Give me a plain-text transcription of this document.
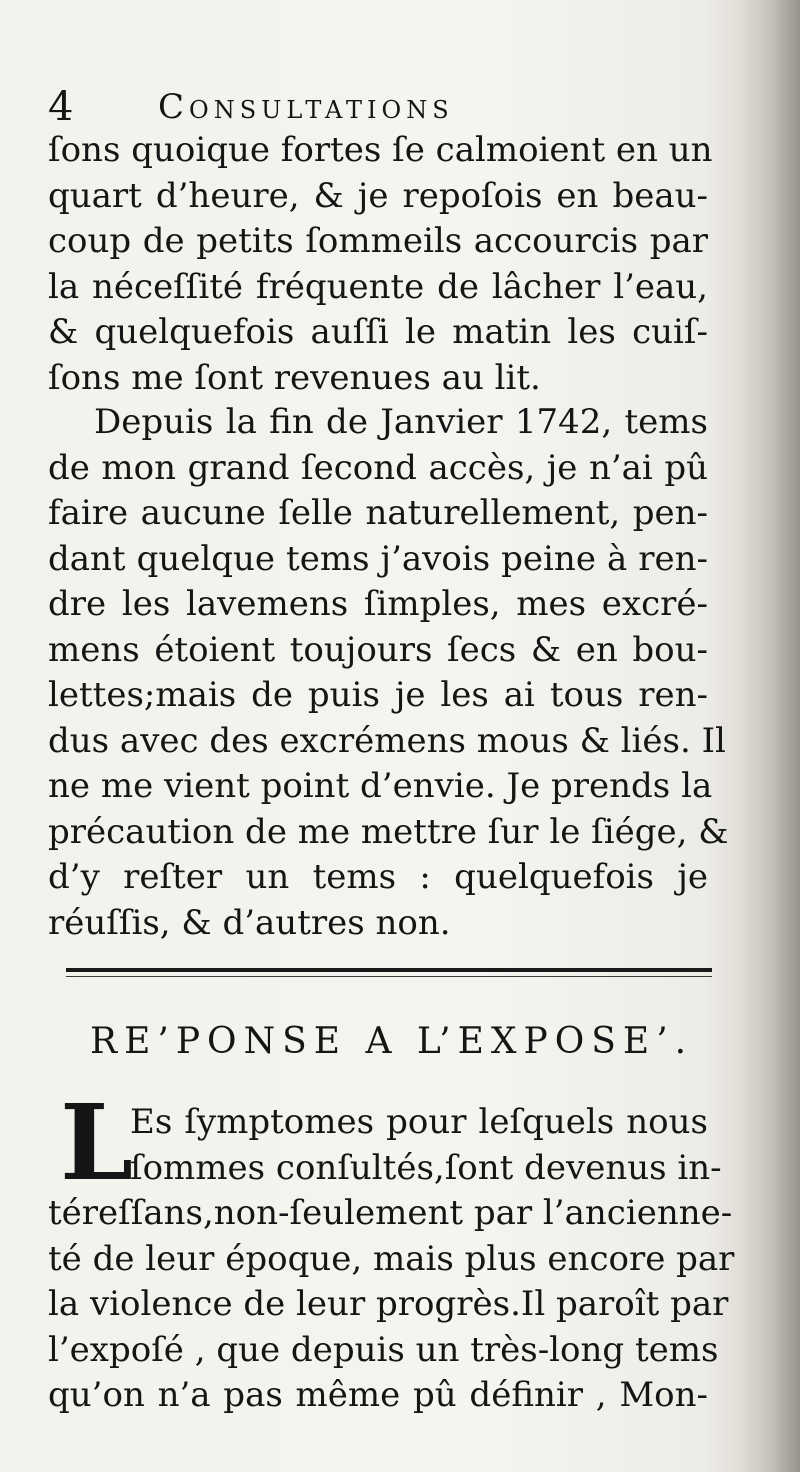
4 Consultations
ſons quoique fortes ſe calmoient en un
quart d’heure, & je repoſois en beau-
coup de petits ſommeils accourcis par
la néceſſité fréquente de lâcher l’eau,
& quelquefois auſſi le matin les cuiſ-
ſons me ſont revenues au lit.
Depuis la fin de Janvier 1742, tems
de mon grand ſecond accès, je n’ai pû
faire aucune ſelle naturellement, pen-
dant quelque tems j’avois peine à ren-
dre les lavemens ſimples, mes excré-
mens étoient toujours ſecs & en bou-
lettes;mais de puis je les ai tous ren-
dus avec des excrémens mous & liés. Il
ne me vient point d’envie. Je prends la
précaution de me mettre ſur le ſiége, &
d’y reſter un tems : quelquefois je
réuſſis, & d’autres non.
RE’PONSE A L’EXPOSE’.
L
Es ſymptomes pour leſquels nous
ſommes conſultés,ſont devenus in-
téreſſans,non-ſeulement par l’ancienne-
té de leur époque, mais plus encore par
la violence de leur progrès.Il paroît par
l’expoſé , que depuis un très-long tems
qu’on n’a pas même pû définir , Mon-
